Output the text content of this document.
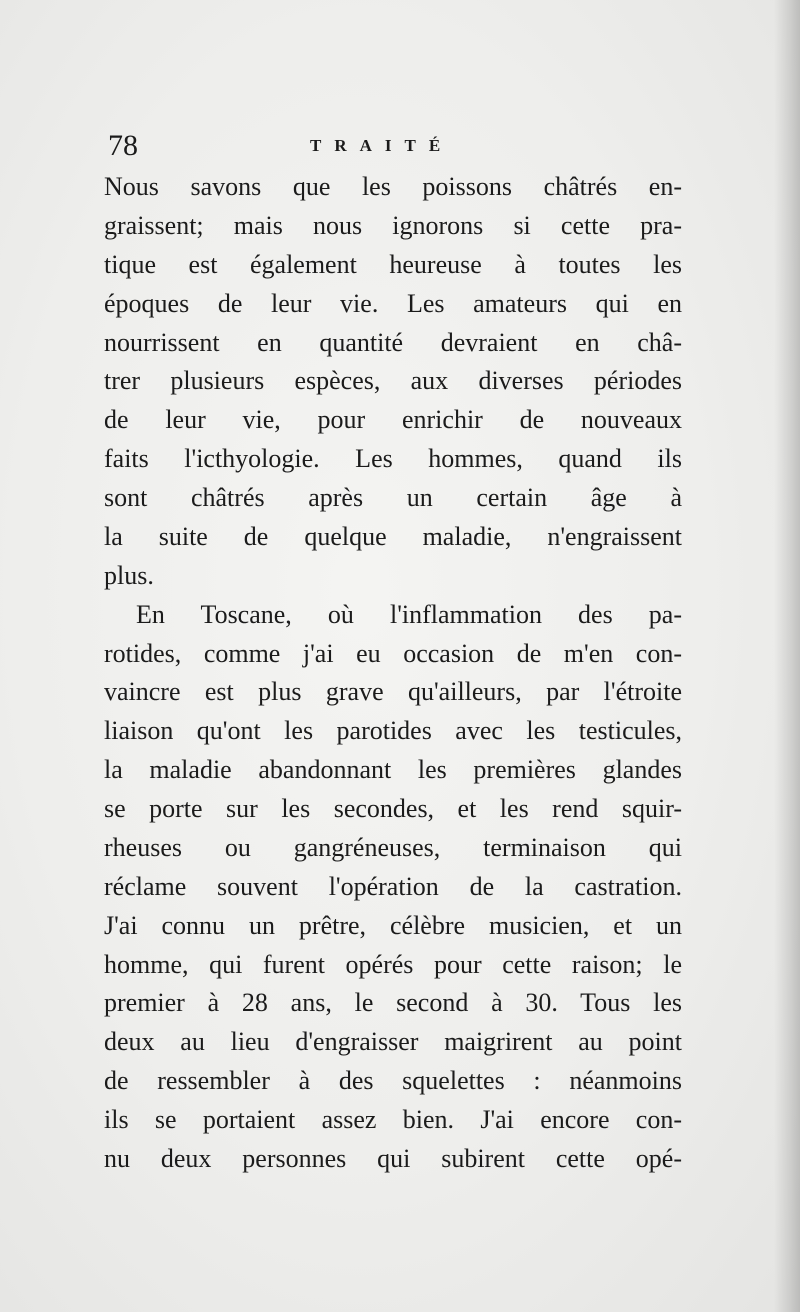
78	TRAITÉ
Nous savons que les poissons châtrés en-
graissent; mais nous ignorons si cette pra-
tique est également heureuse à toutes les
époques de leur vie. Les amateurs qui en
nourrissent en quantité devraient en châ-
trer plusieurs espèces, aux diverses périodes
de leur vie, pour enrichir de nouveaux
faits l'icthyologie. Les hommes, quand ils
sont châtrés après un certain âge à
la suite de quelque maladie, n'engraissent
plus.
En Toscane, où l'inflammation des pa-
rotides, comme j'ai eu occasion de m'en con-
vaincre est plus grave qu'ailleurs, par l'étroite
liaison qu'ont les parotides avec les testicules,
la maladie abandonnant les premières glandes
se porte sur les secondes, et les rend squir-
rheuses ou gangréneuses, terminaison qui
réclame souvent l'opération de la castration.
J'ai connu un prêtre, célèbre musicien, et un
homme, qui furent opérés pour cette raison; le
premier à 28 ans, le second à 30. Tous les
deux au lieu d'engraisser maigrirent au point
de ressembler à des squelettes : néanmoins
ils se portaient assez bien. J'ai encore con-
nu deux personnes qui subirent cette opé-
